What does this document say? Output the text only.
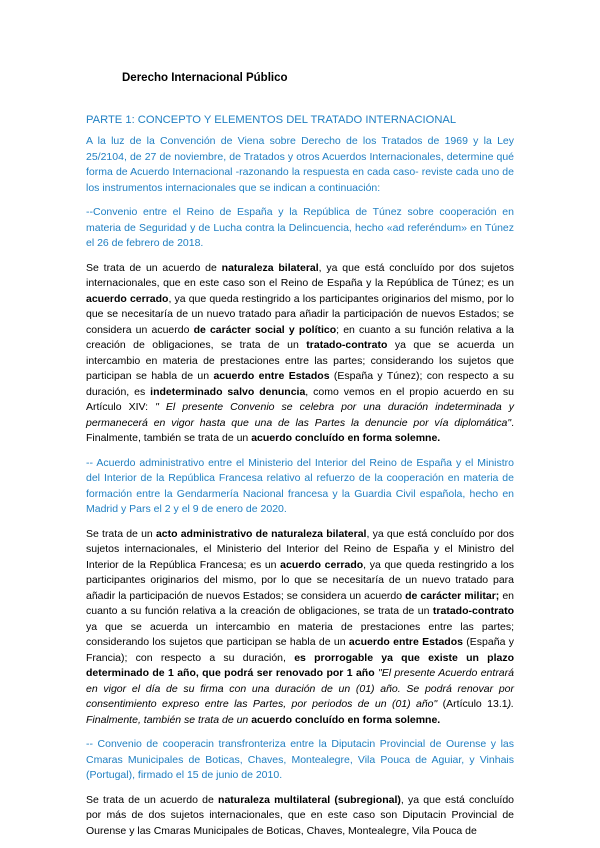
Derecho Internacional Público
PARTE 1: CONCEPTO Y ELEMENTOS DEL TRATADO INTERNACIONAL

A la luz de la Convención de Viena sobre Derecho de los Tratados de 1969 y la Ley 25/2104, de 27 de noviembre, de Tratados y otros Acuerdos Internacionales, determine qué forma de Acuerdo Internacional -razonando la respuesta en cada caso- reviste cada uno de los instrumentos internacionales que se indican a continuación:

--Convenio entre el Reino de España y la República de Túnez sobre cooperación en materia de Seguridad y de Lucha contra la Delincuencia, hecho «ad referéndum» en Túnez el 26 de febrero de 2018.

Se trata de un acuerdo de naturaleza bilateral, ya que está concluído por dos sujetos internacionales, que en este caso son el Reino de España y la República de Túnez; es un acuerdo cerrado, ya que queda restingrido a los participantes originarios del mismo, por lo que se necesitaría de un nuevo tratado para añadir la participación de nuevos Estados; se considera un acuerdo de carácter social y político; en cuanto a su función relativa a la creación de obligaciones, se trata de un tratado-contrato ya que se acuerda un intercambio en materia de prestaciones entre las partes; considerando los sujetos que participan se habla de un acuerdo entre Estados (España y Túnez); con respecto a su duración, es indeterminado salvo denuncia, como vemos en el propio acuerdo en su Artículo XIV: " El presente Convenio se celebra por una duración indeterminada y permanecerá en vigor hasta que una de las Partes la denuncie por vía diplomática". Finalmente, también se trata de un acuerdo concluído en forma solemne.

-- Acuerdo administrativo entre el Ministerio del Interior del Reino de España y el Ministro del Interior de la República Francesa relativo al refuerzo de la cooperación en materia de formación entre la Gendarmería Nacional francesa y la Guardia Civil española, hecho en Madrid y Pars el 2 y el 9 de enero de 2020.

Se trata de un acto administrativo de naturaleza bilateral, ya que está concluído por dos sujetos internacionales, el Ministerio del Interior del Reino de España y el Ministro del Interior de la República Francesa; es un acuerdo cerrado, ya que queda restingrido a los participantes originarios del mismo, por lo que se necesitaría de un nuevo tratado para añadir la participación de nuevos Estados; se considera un acuerdo de carácter militar; en cuanto a su función relativa a la creación de obligaciones, se trata de un tratado-contrato ya que se acuerda un intercambio en materia de prestaciones entre las partes; considerando los sujetos que participan se habla de un acuerdo entre Estados (España y Francia); con respecto a su duración, es prorrogable ya que existe un plazo determinado de 1 año, que podrá ser renovado por 1 año "El presente Acuerdo entrará en vigor el día de su firma con una duración de un (01) año. Se podrá renovar por consentimiento expreso entre las Partes, por periodos de un (01) año" (Artículo 13.1). Finalmente, también se trata de un acuerdo concluído en forma solemne.

-- Convenio de cooperacin transfronteriza entre la Diputacin Provincial de Ourense y las Cmaras Municipales de Boticas, Chaves, Montealegre, Vila Pouca de Aguiar, y Vinhais (Portugal), firmado el 15 de junio de 2010.

Se trata de un acuerdo de naturaleza multilateral (subregional), ya que está concluído por más de dos sujetos internacionales, que en este caso son Diputacin Provincial de Ourense y las Cmaras Municipales de Boticas, Chaves, Montealegre, Vila Pouca de
